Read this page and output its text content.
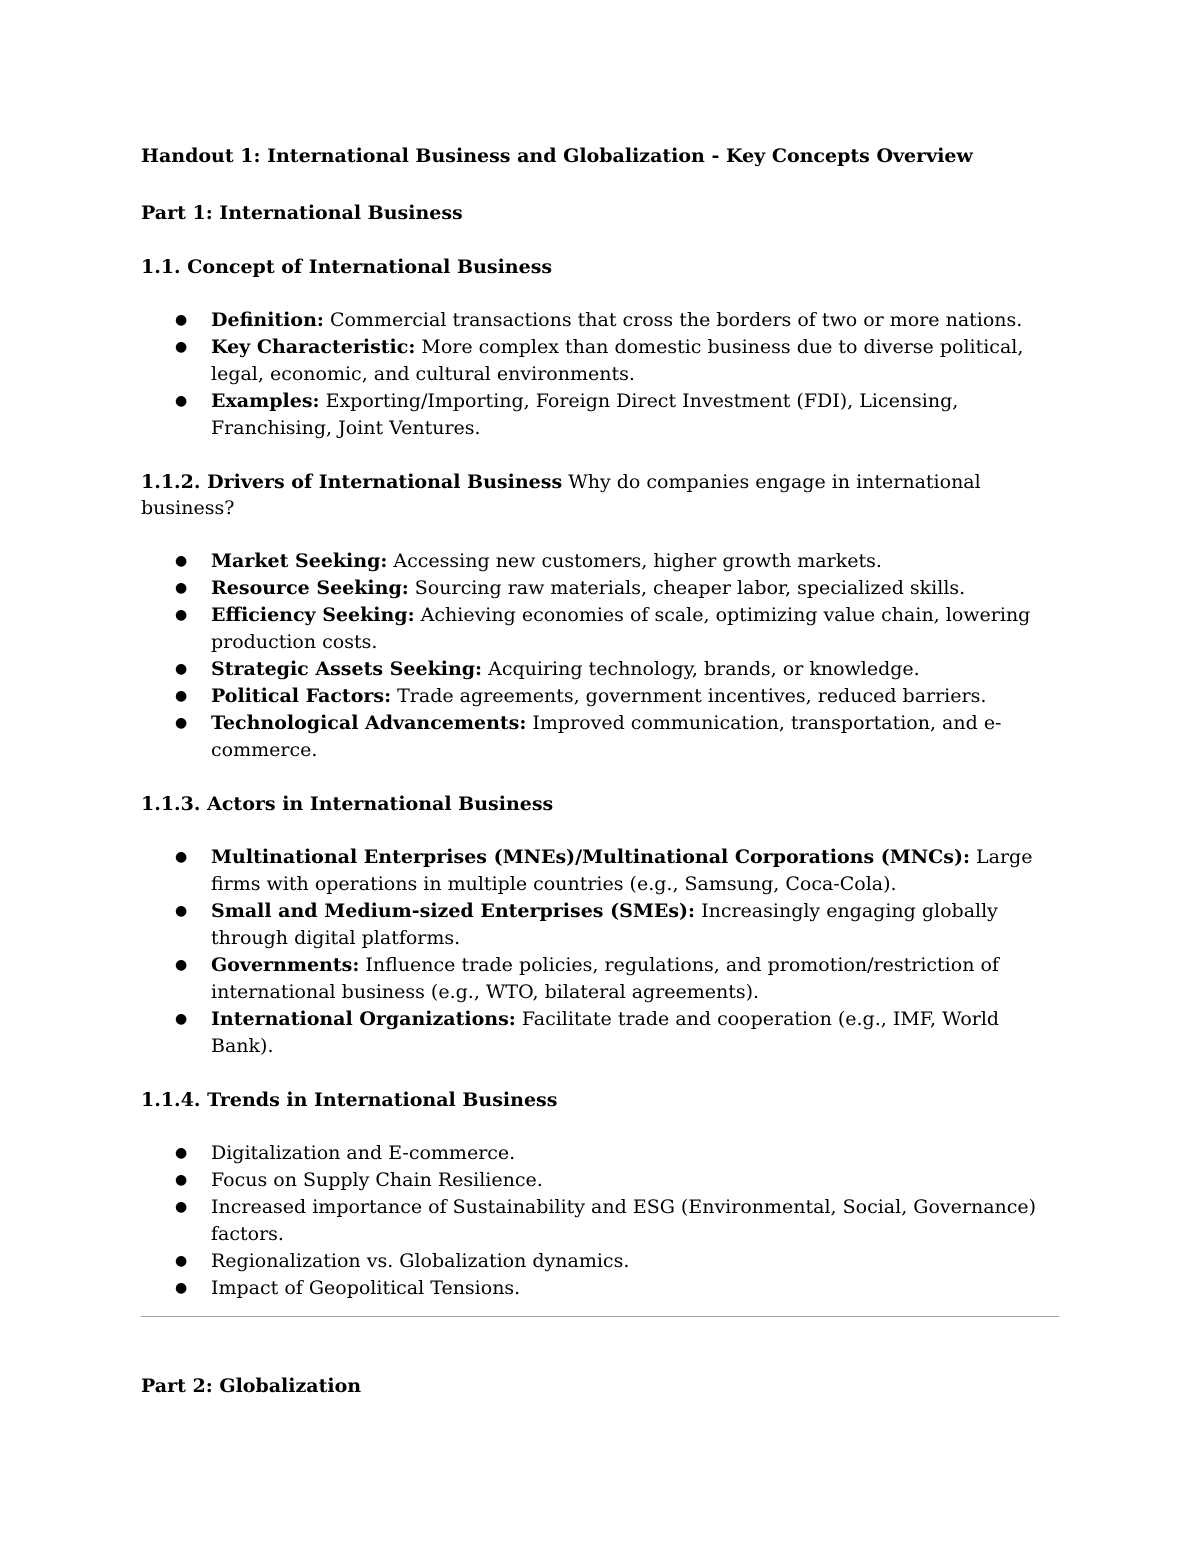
Handout 1: International Business and Globalization - Key Concepts Overview
Part 1: International Business
1.1. Concept of International Business
● Definition: Commercial transactions that cross the borders of two or more nations.
● Key Characteristic: More complex than domestic business due to diverse political, legal, economic, and cultural environments.
● Examples: Exporting/Importing, Foreign Direct Investment (FDI), Licensing, Franchising, Joint Ventures.
1.1.2. Drivers of International Business Why do companies engage in international business?
● Market Seeking: Accessing new customers, higher growth markets.
● Resource Seeking: Sourcing raw materials, cheaper labor, specialized skills.
● Efficiency Seeking: Achieving economies of scale, optimizing value chain, lowering production costs.
● Strategic Assets Seeking: Acquiring technology, brands, or knowledge.
● Political Factors: Trade agreements, government incentives, reduced barriers.
● Technological Advancements: Improved communication, transportation, and e-commerce.
1.1.3. Actors in International Business
● Multinational Enterprises (MNEs)/Multinational Corporations (MNCs): Large firms with operations in multiple countries (e.g., Samsung, Coca-Cola).
● Small and Medium-sized Enterprises (SMEs): Increasingly engaging globally through digital platforms.
● Governments: Influence trade policies, regulations, and promotion/restriction of international business (e.g., WTO, bilateral agreements).
● International Organizations: Facilitate trade and cooperation (e.g., IMF, World Bank).
1.1.4. Trends in International Business
● Digitalization and E-commerce.
● Focus on Supply Chain Resilience.
● Increased importance of Sustainability and ESG (Environmental, Social, Governance) factors.
● Regionalization vs. Globalization dynamics.
● Impact of Geopolitical Tensions.
Part 2: Globalization
